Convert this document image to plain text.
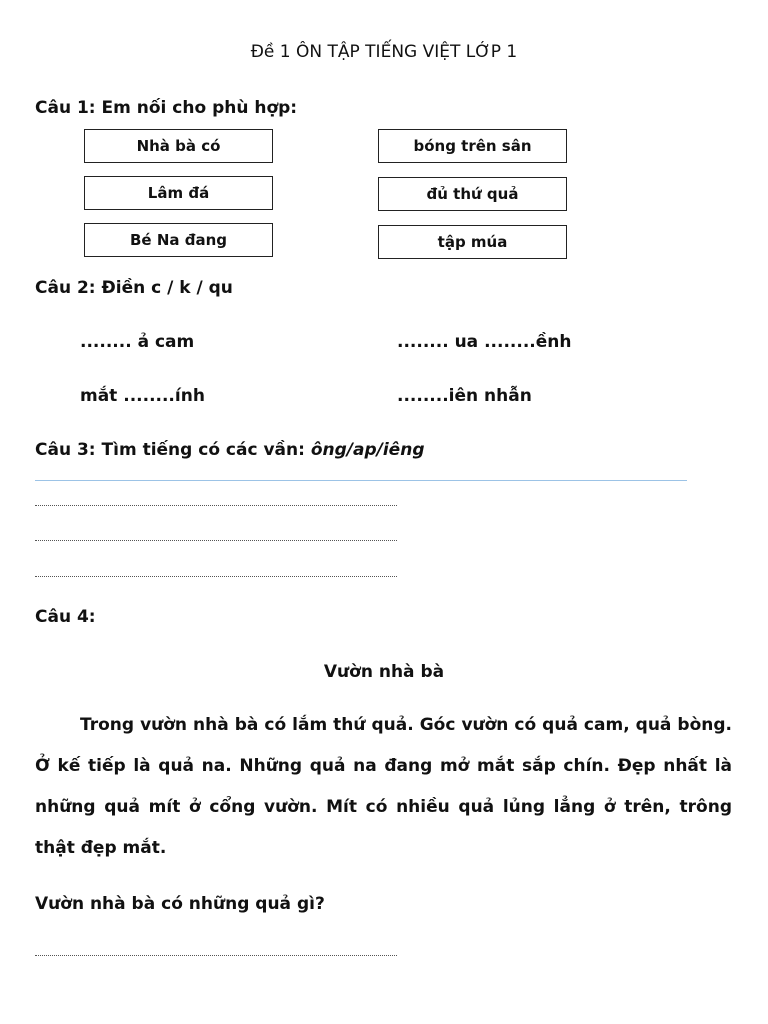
Đề 1 ÔN TẬP TIẾNG VIỆT LỚP 1
Câu 1: Em nối cho phù hợp:
Nhà bà có
Lâm đá
Bé Na đang
bóng trên sân
đủ thứ quả
tập múa
Câu 2: Điền c / k / qu
........ ả cam	........ ua ........ềnh
mắt ........ính	........iên nhẫn
Câu 3: Tìm tiếng có các vần: ông/ap/iêng
Câu 4:
Vườn nhà bà

Trong vườn nhà bà có lắm thứ quả. Góc vườn có quả cam, quả bòng. Ở kế tiếp là quả na. Những quả na đang mở mắt sắp chín. Đẹp nhất là những quả mít ở cổng vườn. Mít có nhiều quả lủng lẳng ở trên, trông thật đẹp mắt.

Vườn nhà bà có những quả gì?
